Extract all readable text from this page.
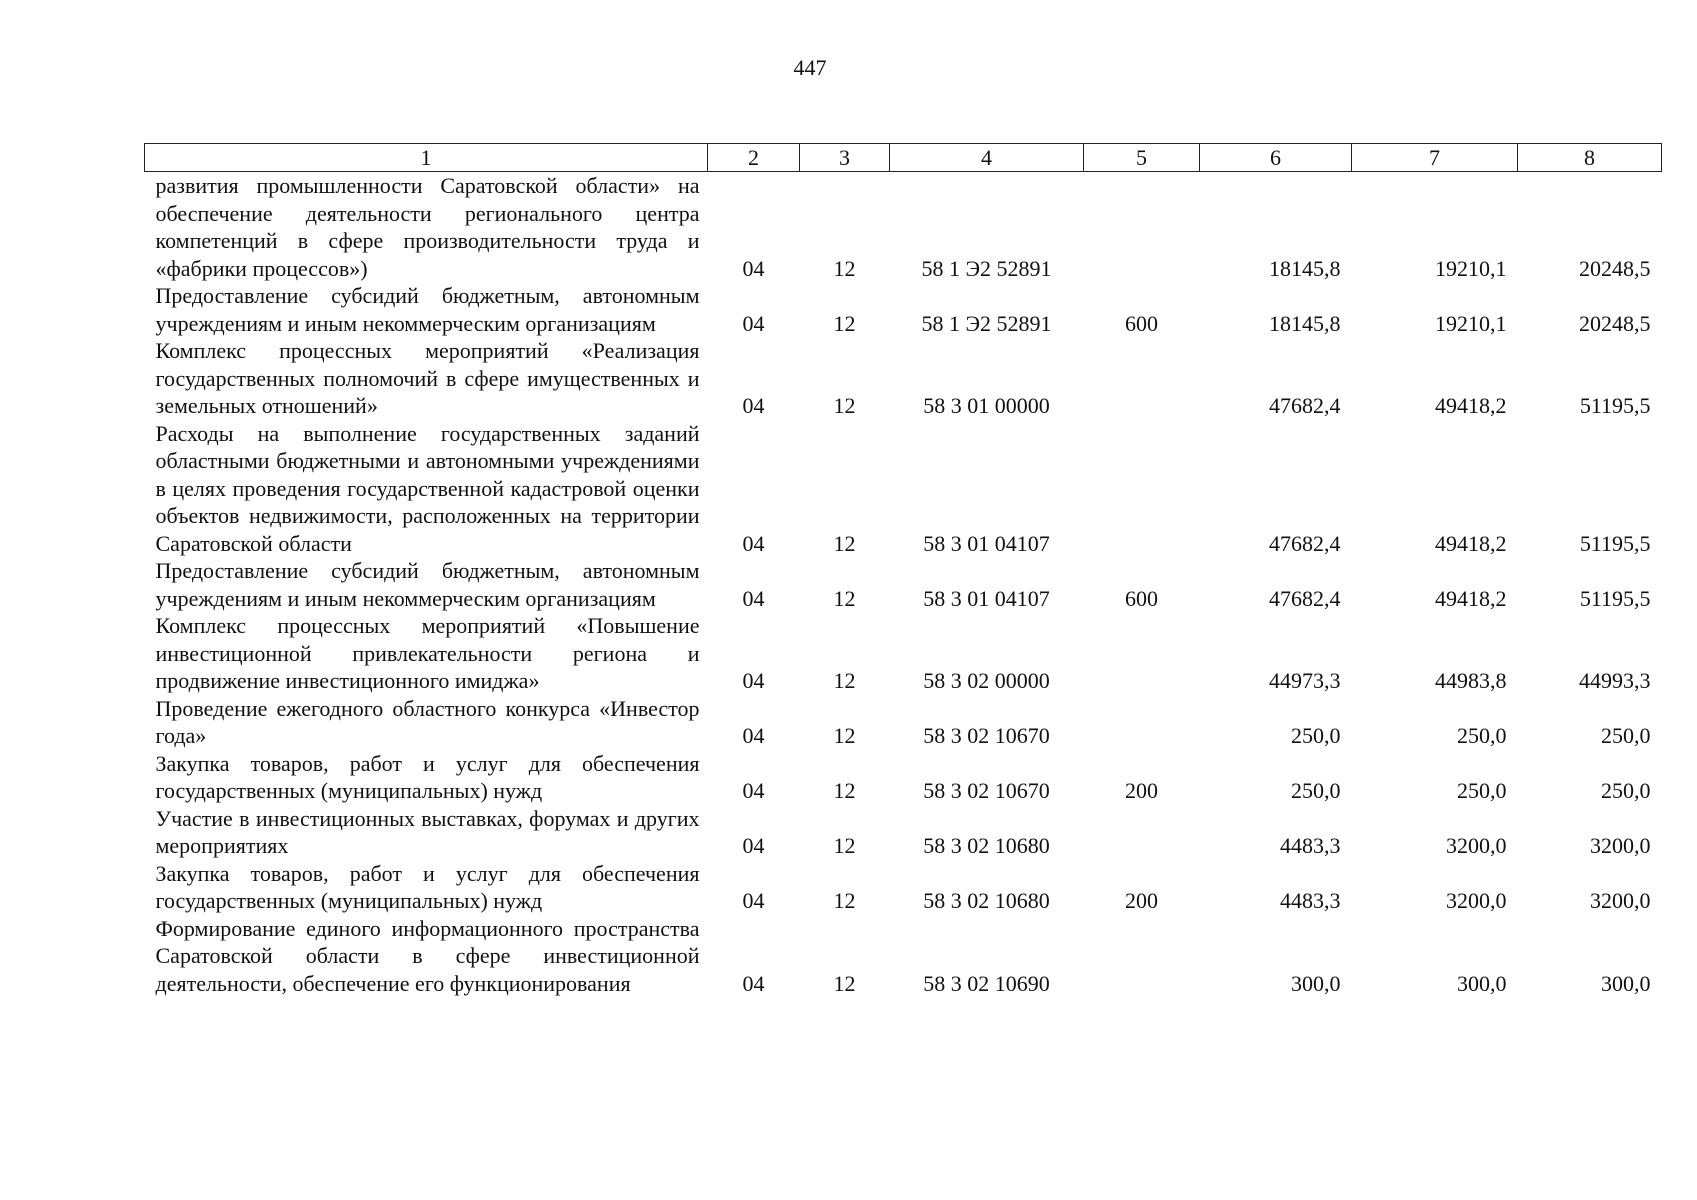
447
1	2	3	4	5	6	7	8
развития промышленности Саратовской области» на обеспечение деятельности регионального центра компетенций в сфере производительности труда и «фабрики процессов»)	04	12	58 1 Э2 52891		18145,8	19210,1	20248,5
Предоставление субсидий бюджетным, автономным учреждениям и иным некоммерческим организациям	04	12	58 1 Э2 52891	600	18145,8	19210,1	20248,5
Комплекс процессных мероприятий «Реализация государственных полномочий в сфере имущественных и земельных отношений»	04	12	58 3 01 00000		47682,4	49418,2	51195,5
Расходы на выполнение государственных заданий областными бюджетными и автономными учреждениями в целях проведения государственной кадастровой оценки объектов недвижимости, расположенных на территории Саратовской области	04	12	58 3 01 04107		47682,4	49418,2	51195,5
Предоставление субсидий бюджетным, автономным учреждениям и иным некоммерческим организациям	04	12	58 3 01 04107	600	47682,4	49418,2	51195,5
Комплекс процессных мероприятий «Повышение инвестиционной привлекательности региона и продвижение инвестиционного имиджа»	04	12	58 3 02 00000		44973,3	44983,8	44993,3
Проведение ежегодного областного конкурса «Инвестор года»	04	12	58 3 02 10670		250,0	250,0	250,0
Закупка товаров, работ и услуг для обеспечения государственных (муниципальных) нужд	04	12	58 3 02 10670	200	250,0	250,0	250,0
Участие в инвестиционных выставках, форумах и других мероприятиях	04	12	58 3 02 10680		4483,3	3200,0	3200,0
Закупка товаров, работ и услуг для обеспечения государственных (муниципальных) нужд	04	12	58 3 02 10680	200	4483,3	3200,0	3200,0
Формирование единого информационного пространства Саратовской области в сфере инвестиционной деятельности, обеспечение его функционирования	04	12	58 3 02 10690		300,0	300,0	300,0
